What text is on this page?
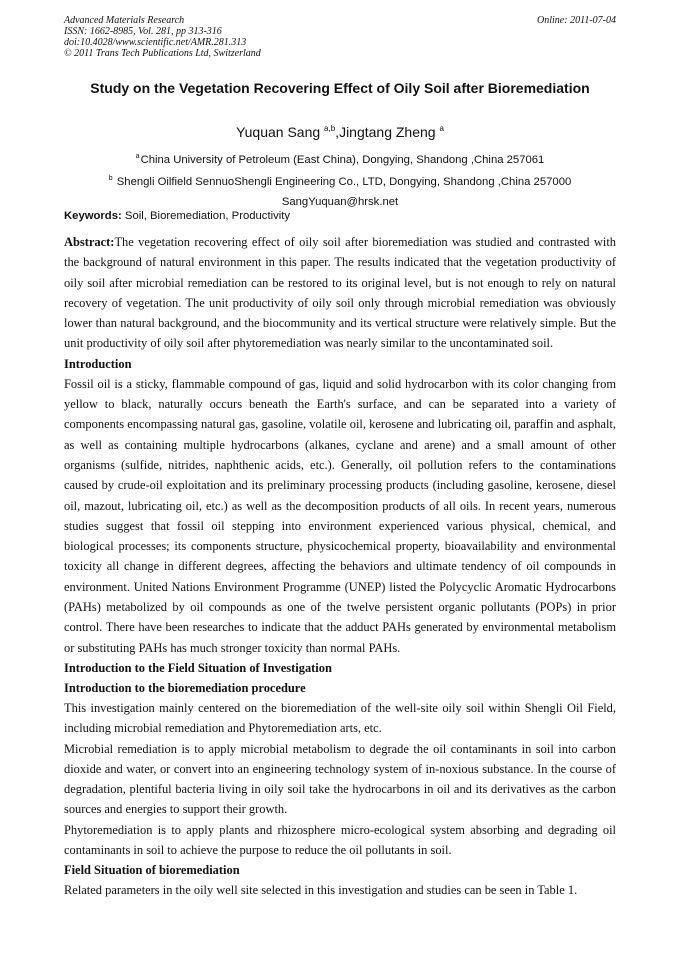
Advanced Materials Research
ISSN: 1662-8985, Vol. 281, pp 313-316
doi:10.4028/www.scientific.net/AMR.281.313
© 2011 Trans Tech Publications Ltd, Switzerland
Online: 2011-07-04
Study on the Vegetation Recovering Effect of Oily Soil after Bioremediation
Yuquan Sang $^{a,b}$,Jingtang Zheng $^a$
$^a$China University of Petroleum (East China), Dongying, Shandong ,China 257061
$^b$ Shengli Oilfield SennuoShengli Engineering Co., LTD, Dongying, Shandong ,China 257000
SangYuquan@hrsk.net
Keywords: Soil, Bioremediation, Productivity

Abstract:The vegetation recovering effect of oily soil after bioremediation was studied and contrasted with the background of natural environment in this paper. The results indicated that the vegetation productivity of oily soil after microbial remediation can be restored to its original level, but is not enough to rely on natural recovery of vegetation. The unit productivity of oily soil only through microbial remediation was obviously lower than natural background, and the biocommunity and its vertical structure were relatively simple. But the unit productivity of oily soil after phytoremediation was nearly similar to the uncontaminated soil.

Introduction

Fossil oil is a sticky, flammable compound of gas, liquid and solid hydrocarbon with its color changing from yellow to black, naturally occurs beneath the Earth's surface, and can be separated into a variety of components encompassing natural gas, gasoline, volatile oil, kerosene and lubricating oil, paraffin and asphalt, as well as containing multiple hydrocarbons (alkanes, cyclane and arene) and a small amount of other organisms (sulfide, nitrides, naphthenic acids, etc.). Generally, oil pollution refers to the contaminations caused by crude-oil exploitation and its preliminary processing products (including gasoline, kerosene, diesel oil, mazout, lubricating oil, etc.) as well as the decomposition products of all oils. In recent years, numerous studies suggest that fossil oil stepping into environment experienced various physical, chemical, and biological processes; its components structure, physicochemical property, bioavailability and environmental toxicity all change in different degrees, affecting the behaviors and ultimate tendency of oil compounds in environment. United Nations Environment Programme (UNEP) listed the Polycyclic Aromatic Hydrocarbons (PAHs) metabolized by oil compounds as one of the twelve persistent organic pollutants (POPs) in prior control. There have been researches to indicate that the adduct PAHs generated by environmental metabolism or substituting PAHs has much stronger toxicity than normal PAHs.

Introduction to the Field Situation of Investigation
Introduction to the bioremediation procedure

This investigation mainly centered on the bioremediation of the well-site oily soil within Shengli Oil Field, including microbial remediation and Phytoremediation arts, etc.

Microbial remediation is to apply microbial metabolism to degrade the oil contaminants in soil into carbon dioxide and water, or convert into an engineering technology system of in-noxious substance. In the course of degradation, plentiful bacteria living in oily soil take the hydrocarbons in oil and its derivatives as the carbon sources and energies to support their growth.

Phytoremediation is to apply plants and rhizosphere micro-ecological system absorbing and degrading oil contaminants in soil to achieve the purpose to reduce the oil pollutants in soil.

Field Situation of bioremediation

Related parameters in the oily well site selected in this investigation and studies can be seen in Table 1.
